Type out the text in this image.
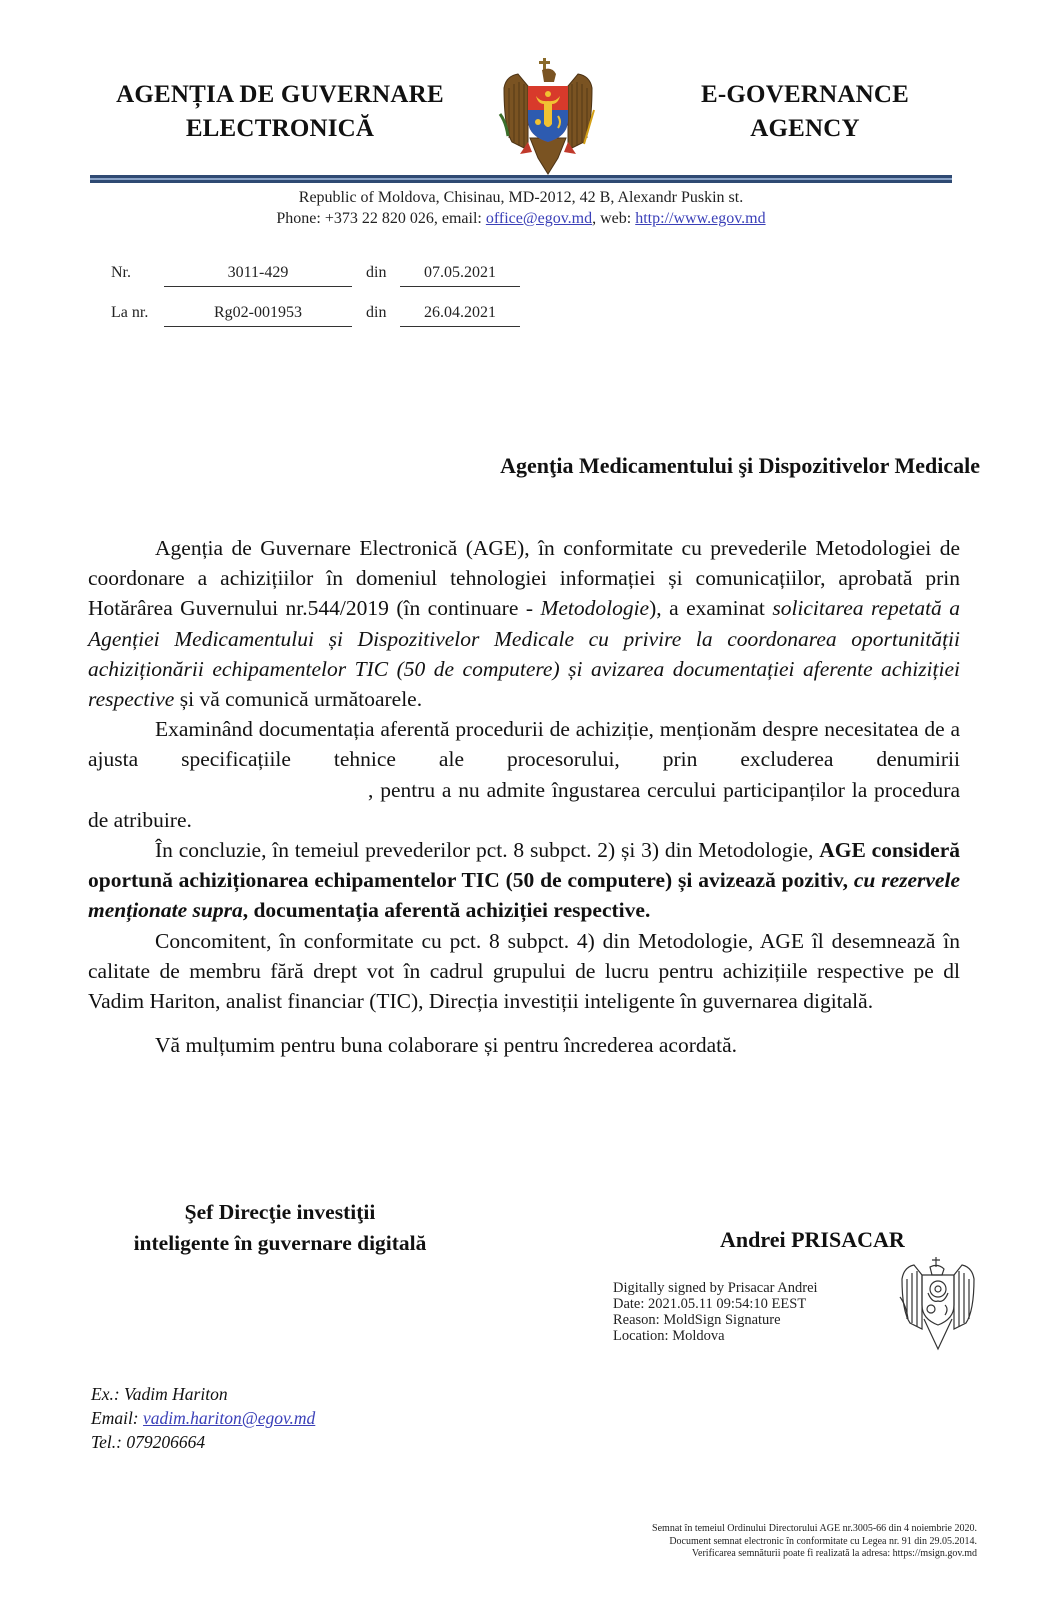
AGENȚIA DE GUVERNARE
ELECTRONICĂ
E-GOVERNANCE
AGENCY
Republic of Moldova, Chisinau, MD-2012, 42 B, Alexandr Puskin st.
Phone: +373 22 820 026, email: office@egov.md, web: http://www.egov.md
Nr.	3011-429	din	07.05.2021
La nr.	Rg02-001953	din	26.04.2021
Agenţia Medicamentului şi Dispozitivelor Medicale

Agenția de Guvernare Electronică (AGE), în conformitate cu prevederile Metodologiei de coordonare a achizițiilor în domeniul tehnologiei informației și comunicațiilor, aprobată prin Hotărârea Guvernului nr.544/2019 (în continuare - Metodologie), a examinat solicitarea repetată a Agenției Medicamentului și Dispozitivelor Medicale cu privire la coordonarea oportunității achiziționării echipamentelor TIC (50 de computere) și avizarea documentației aferente achiziției respective și vă comunică următoarele.

Examinând documentația aferentă procedurii de achiziție, menționăm despre necesitatea de a ajusta specificațiile tehnice ale procesorului, prin excluderea denumirii, pentru a nu admite îngustarea cercului participanților la procedura de atribuire.

În concluzie, în temeiul prevederilor pct. 8 subpct. 2) și 3) din Metodologie, AGE consideră oportună achiziționarea echipamentelor TIC (50 de computere) și avizează pozitiv, cu rezervele menționate supra, documentația aferentă achiziției respective.

Concomitent, în conformitate cu pct. 8 subpct. 4) din Metodologie, AGE îl desemnează în calitate de membru fără drept vot în cadrul grupului de lucru pentru achizițiile respective pe dl Vadim Hariton, analist financiar (TIC), Direcția investiții inteligente în guvernarea digitală.

Vă mulțumim pentru buna colaborare și pentru încrederea acordată.

Şef Direcţie investiţii
inteligente în guvernare digitală	Andrei PRISACAR
Digitally signed by Prisacar Andrei
Date: 2021.05.11 09:54:10 EEST
Reason: MoldSign Signature
Location: Moldova
Ex.: Vadim Hariton
Email: vadim.hariton@egov.md
Tel.: 079206664
Semnat în temeiul Ordinului Directorului AGE nr.3005-66 din 4 noiembrie 2020.
Document semnat electronic în conformitate cu Legea nr. 91 din 29.05.2014.
Verificarea semnăturii poate fi realizată la adresa: https://msign.gov.md
